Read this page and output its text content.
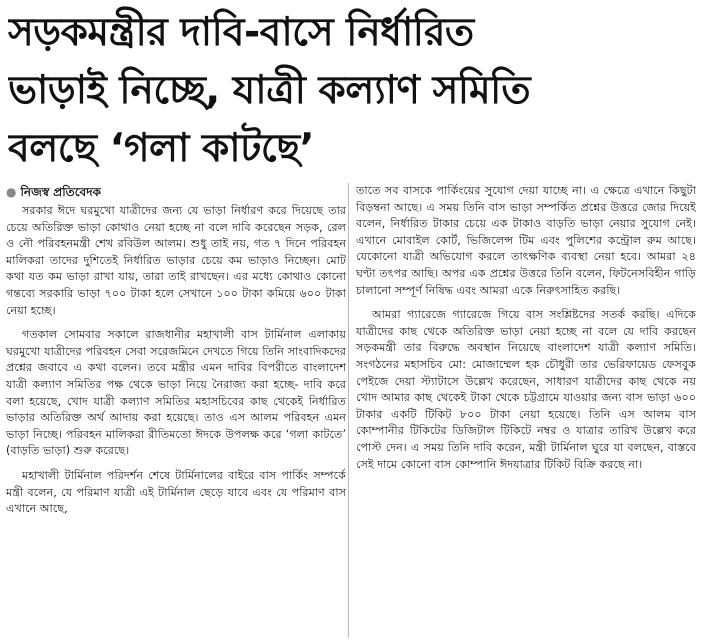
সড়কমন্ত্রীর দাবি-বাসে নির্ধারিত
ভাড়াই নিচ্ছে, যাত্রী কল্যাণ সমিতি
বলছে ‘গলা কাটছে’
● নিজস্ব প্রতিবেদক

সরকার ঈদে ঘরমুখো যাত্রীদের জন্য যে ভাড়া নির্ধারণ করে দিয়েছে তার চেয়ে অতিরিক্ত ভাড়া কোথাও নেয়া হচ্ছে না বলে দাবি করেছেন সড়ক, রেল ও নৌ পরিবহনমন্ত্রী শেখ রবিউল আলম। শুধু তাই নয়, গত ৭ দিনে পরিবহন মালিকরা তাদের দুশিতেই নির্ধারিত ভাড়ার চেয়ে কম ভাড়াও নিচ্ছেন। মোট কথা যত কম ভাড়া রাখা যায়, তারা তাই রাখছেন। এর মধ্যে কোথাও কোনো গন্তব্যে সরকারি ভাড়া ৭০০ টাকা হলে সেখানে ১০০ টাকা কমিয়ে ৬০০ টাকা নেয়া হচ্ছে।

গতকাল সোমবার সকালে রাজধানীর মহাখালী বাস টার্মিনাল এলাকায় ঘরমুখো যাত্রীদের পরিবহন সেবা সরেজমিনে দেখতে গিয়ে তিনি সাংবাদিকদের প্রশ্নের জবাবে এ কথা বলেন। তবে মন্ত্রীর এমন দাবির বিপরীতে বাংলাদেশ যাত্রী কল্যাণ সমিতির পক্ষ থেকে ভাড়া নিয়ে নৈরাজ্য করা হচ্ছে- দাবি করে বলা হয়েছে, খোদ যাত্রী কল্যাণ সমিতির মহাসচিবের কাছ থেকেই নির্ধারিত ভাড়ার অতিরিক্ত অর্থ আদায় করা হয়েছে। তাও এস আলম পরিবহন এমন ভাড়া নিচ্ছে। পরিবহন মালিকরা রীতিমতো ঈদকে উপলক্ষ করে ‘গলা কাটতে’ (বাড়তি ভাড়া) শুরু করেছে।

মহাখালী টার্মিনাল পরিদর্শন শেষে টার্মিনালের বাইরে বাস পার্কিং সম্পর্কে মন্ত্রী বলেন, যে পরিমাণ যাত্রী এই টার্মিনাল ছেড়ে যাবে এবং যে পরিমাণ বাস এখানে আছে,

তাতে সব বাসকে পার্কিংয়ের সুযোগ দেয়া যাচ্ছে না। এ ক্ষেত্রে এখানে কিছুটা বিড়ম্বনা আছে। এ সময় তিনি বাস ভাড়া সম্পর্কিত প্রশ্নের উত্তরে জোর দিয়েই বলেন, নির্ধারিত টাকার চেয়ে এক টাকাও বাড়তি ভাড়া নেয়ার সুযোগ নেই। এখানে মোবাইল কোর্ট, ভিজিলেন্স টিম এবং পুলিশের কন্ট্রোল রুম আছে। যেকোনো যাত্রী অভিযোগ করলে তাৎক্ষণিক ব্যবস্থা নেয়া হবে। আমরা ২৪ ঘণ্টা তৎপর আছি। অপর এক প্রশ্নের উত্তরে তিনি বলেন, ফিটনেসবিহীন গাড়ি চালানো সম্পূর্ণ নিষিদ্ধ এবং আমরা একে নিরুৎসাহিত করছি।

আমরা গ্যারেজে গ্যারেজে গিয়ে বাস সংশ্লিষ্টদের সতর্ক করছি। এদিকে যাত্রীদের কাছ থেকে অতিরিক্ত ভাড়া নেয়া হচ্ছে না বলে যে দাবি করছেন সড়কমন্ত্রী তার বিরুদ্ধে অবস্থান নিয়েছে বাংলাদেশ যাত্রী কল্যাণ সমিতি। সংগঠনের মহাসচিব মো: মোজাম্মেল হক চৌধুরী তার ভেরিফায়েড ফেসবুক পেইজে দেয়া স্ট্যাটাসে উল্লেখ করেছেন, সাধারণ যাত্রীদের কাছ থেকে নয় খোদ আমার কাছ থেকেই টাকা থেকে চট্টগ্রামে যাওয়ার জন্য বাস ভাড়া ৬০০ টাকার একটি টিকিট ৮০০ টাকা নেয়া হয়েছে। তিনি এস আলম বাস কোম্পানীর টিকিটের ডিজিটাল টিকিটে নম্বর ও যাত্রার তারিখ উল্লেখ করে পোস্ট দেন। এ সময় তিনি দাবি করেন, মন্ত্রী টার্মিনাল ঘুরে যা বলছেন, বাস্তবে সেই দামে কোনো বাস কোম্পানি ঈদযাত্রার টিকিট বিক্রি করছে না।
